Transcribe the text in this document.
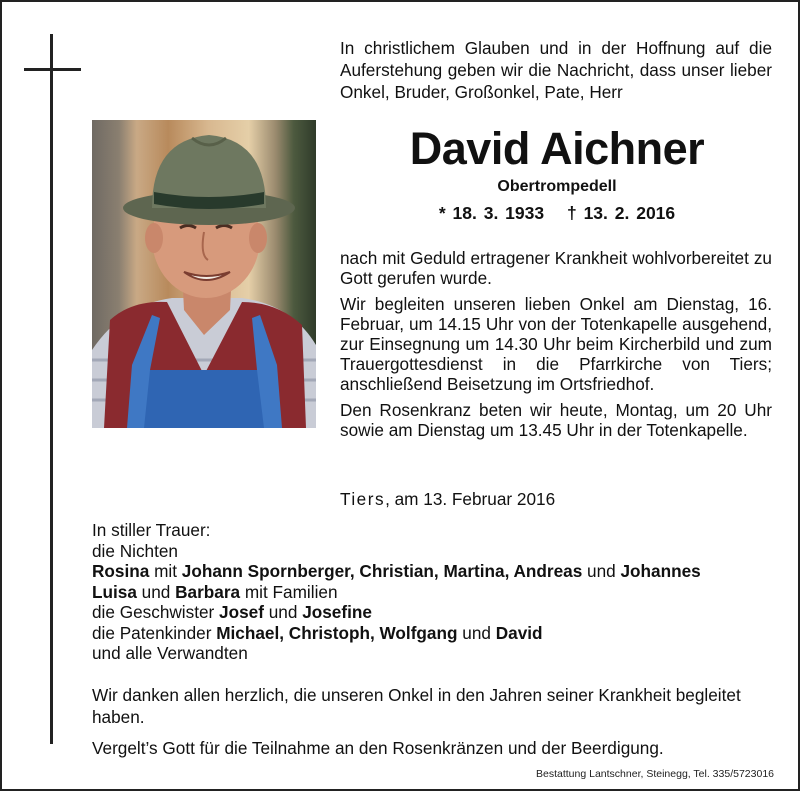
In christlichem Glauben und in der Hoffnung auf die Auferstehung geben wir die Nachricht, dass unser lieber Onkel, Bruder, Großonkel, Pate, Herr

David Aichner
Obertrompedell
* 18. 3. 1933 † 13. 2. 2016

nach mit Geduld ertragener Krankheit wohlvorbereitet zu Gott gerufen wurde.

Wir begleiten unseren lieben Onkel am Dienstag, 16. Februar, um 14.15 Uhr von der Totenkapelle ausgehend, zur Einsegnung um 14.30 Uhr beim Kircherbild und zum Trauergottesdienst in die Pfarrkirche von Tiers; anschließend Beisetzung im Ortsfriedhof.

Den Rosenkranz beten wir heute, Montag, um 20 Uhr sowie am Dienstag um 13.45 Uhr in der Totenkapelle.

Tiers, am 13. Februar 2016
In stiller Trauer:
die Nichten
Rosina mit Johann Spornberger, Christian, Martina, Andreas und Johannes
Luisa und Barbara mit Familien
die Geschwister Josef und Josefine
die Patenkinder Michael, Christoph, Wolfgang und David
und alle Verwandten

Wir danken allen herzlich, die unseren Onkel in den Jahren seiner Krankheit begleitet haben.

Vergelt’s Gott für die Teilnahme an den Rosenkränzen und der Beerdigung.

Bestattung Lantschner, Steinegg, Tel. 335/5723016
